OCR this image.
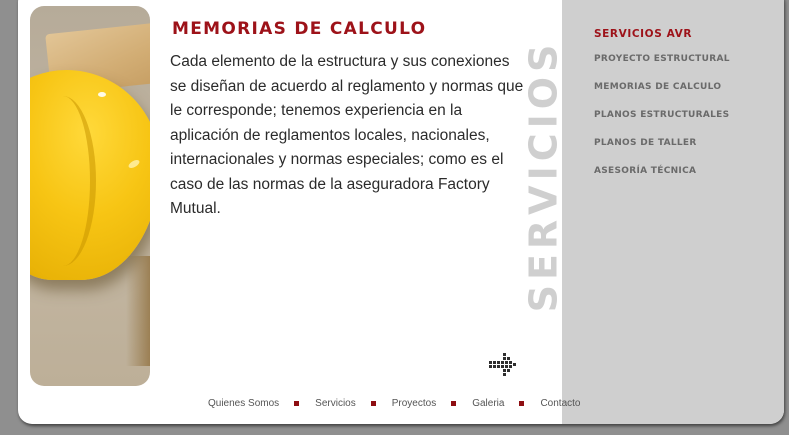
MEMORIAS DE CALCULO
Cada elemento de la estructura y sus conexiones se diseñan de acuerdo al reglamento y normas que le corresponde; tenemos experiencia en la aplicación de reglamentos locales, nacionales, internacionales y normas especiales; como es el caso de las normas de la aseguradora Factory Mutual.	SERVICIOS
SERVICIOS AVR
PROYECTO ESTRUCTURAL
MEMORIAS DE CALCULO
PLANOS ESTRUCTURALES
PLANOS DE TALLER
ASESORÍA TÉCNICA
Quienes Somos	Servicios	Proyectos	Galeria	Contacto
